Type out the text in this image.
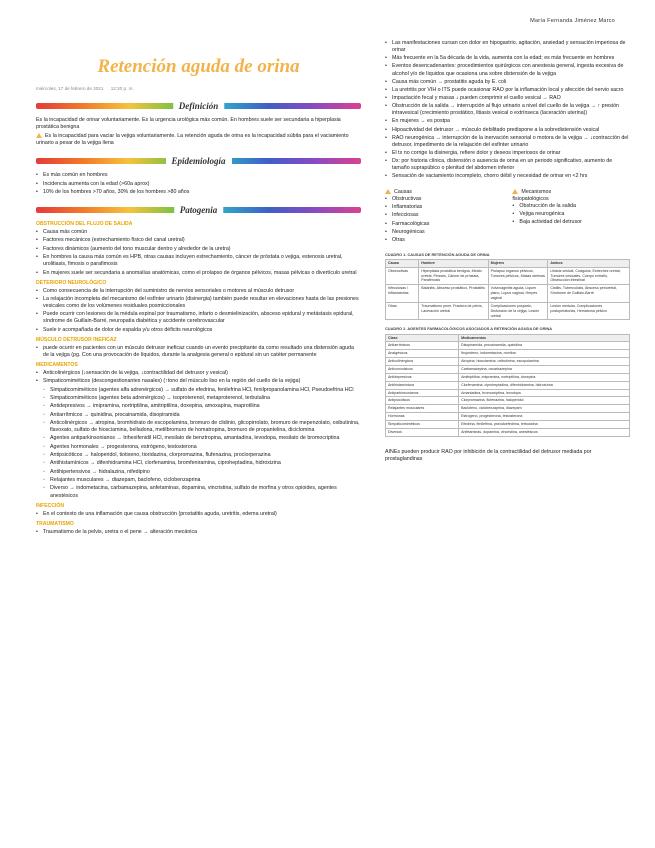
María Fernanda Jiménez Marco
Retención aguda de orina
miércoles, 17 de febrero de 2021 12:20 p. m.
Definición

Es la incapacidad de orinar voluntariamente. Es la urgencia urológica más común. En hombres suele ser secundaria a hiperplasia prostática benigna

Es la incapacidad para vaciar la vejiga voluntariamente. La retención aguda de orina es la incapacidad súbita para el vaciamiento urinario a pesar de la vejiga llena

Epidemiología
• Es más común en hombres
• Incidencia aumenta con la edad (>60a aprox)
• 10% de los hombres >70 años, 30% de los hombres >80 años
Patogenia
OBSTRUCCIÓN DEL FLUJO DE SALIDA
• Causa más común
• Factores mecánicos (estrechamiento físico del canal uretral)
• Factores dinámicos (aumento del tono muscular dentro y alrededor de la uretra)
• En hombres la causa más común es HPB, otras causas incluyen estrechamiento, cáncer de próstata o vejiga, estenosis uretral, urolitiasis, fimosis o parafimosis
• En mujeres suele ser secundaria a anomalías anatómicas, como el prolapso de órganos pélvicos, masas pélvicas o divertículo uretral
DETERIORO NEUROLÓGICO
• Como consecuencia de la interrupción del suministro de nervios sensoriales o motores al músculo detrusor
• La relajación incompleta del mecanismo del esfínter urinario (disinergia) también puede resultar en elevaciones hasta de las presiones vesicales como de los volúmenes residuales posmiccionales
• Puede ocurrir con lesiones de la médula espinal por traumatismo, infarto o desmielinización, absceso epidural y metástasis epidural, síndrome de Guillain-Barré, neuropatía diabética y accidente cerebrovascular
• Suele ir acompañada de dolor de espalda y/u otros déficits neurológicos
MÚSCULO DETRUSOR INEFICAZ
• puede ocurrir en pacientes con un músculo detrusor ineficaz cuando un evento precipitante da como resultado una distensión aguda de la vejiga (pg. Con una provocación de líquidos, durante la analgesia general o epidural sin un catéter permanente
MEDICAMENTOS
• Anticolinérgicos (↓sensación de la vejiga, ↓contractilidad del detrusor y vesical)
• Simpaticomiméticos (descongestionantes nasales) (↑tono del músculo liso en la región del cuello de la vejiga)
◦ Simpaticomiméticos (agentes alfa adrenérgicos) → sulfato de efedrina, fenilefrina HCl, fenilpropanolamina HCl, Pseudoefrina HCl
◦ Simpaticomiméticos (agentes beta adrenérgicos) → isoproterenol, metaproterenol, terbutalina
◦ Antidepresivos → imipramina, nortriptilina, amitriptilina, doxepina, amoxapina, maprotilina
◦ Antiarrítmicos → quinidina, procainamida, disopiramida
◦ Anticolinérgicos → atropina, bromhidrato de escopolamina, bromuro de clidinio, glicopirrolato, bromuro de mepenzolato, oxibutinina, flavoxato, sulfato de hiosciamina, belladona, metilbromuro de homatropina, bromuro de propantelina, diciclomina
◦ Agentes antiparkinsonianos → trihexifenidil HCl, mesilato de benztropina, amantadina, levodopa, mesilato de bromocriptina
◦ Agentes hormonales → progesterona, estrógeno, testosterona
◦ Antipsicóticos → haloperidol, tiotixeno, tioridazina, clorpromazina, flufenazina, proclorperazina
◦ Antihistamínicos → difenhidramina HCl, clorfenamina, bromfeniramina, ciproheptadina, hidroxizina
◦ Antihipertensivos → hidralazina, nifedipino
◦ Relajantes musculares → diazepam, baclofeno, ciclobenzaprina
◦ Diverso → indometacina, carbamazepina, anfetaminas, dopamina, vincristina, sulfato de morfina y otros opioides, agentes anestésicos
INFECCIÓN
• En el contexto de una inflamación que causa obstrucción (prostatitis aguda, uretritis, edema uretral)
TRAUMATISMO
• Traumatismo de la pelvis, uretra o el pene → alteración mecánica
• Las manifestaciones cursan con dolor en hipogastrio, agitación, ansiedad y sensación imperiosa de orinar
• Más frecuente en la 5a década de la vida, aumenta con la edad; es más frecuente en hombres
• Eventos desencadenantes: procedimientos quirúrgicos con anestesia general, ingesta excesiva de alcohol y/o de líquidos que ocasiona una sobre distensión de la vejiga
• Causa más común → prostatitis aguda by E. coli
• La uretritis por VIH o ITS puede ocasionar RAO por la inflamación local y afección del nervio sacro
• Impactación fecal y masas ↓ pueden comprimir el cuello vesical → RAO
• Obstrucción de la salida → interrupción al flujo urinario a nivel del cuello de la vejiga → ↑ presión intravesical (crecimiento prostático, litiasis vesical o extrínseca (laceración uterina))
• En mujeres → es postpa
• Hipoactividad del detrusor → músculo debilitado predispone a la sobredistensión vesical
• RAO neurogénica → interrupción de la inervación sensorial o motora de la vejiga → ↓contracción del detrusor, impedimento de la relajación del esfínter urinario
• El tx no corrige la disinergia, refiere dolor y deseos imperiosos de orinar
• Dx: por historia clínica, distensión o ausencia de orina en un periodo significativo, aumento de tamaño suprapúbico o plenitud del abdomen inferior
• Sensación de vaciamiento incompleto, chorro débil y necesidad de orinar en <2 hrs
Causas
• Obstructivas
• Inflamatorias
• Infecciosas
• Farmacológicas
• Neurogénicas
• Otras
Mecanismos fisiopatológicos
• Obstrucción de la salida
• Vejiga neurogénica
• Baja actividad del detrusor
CUADRO 1. CAUSAS DE RETENCIÓN AGUDA DE ORINA
Causa	Hombre	Mujeres	Ambos
Obstructivas	Hiperplasia prostática benigna, Meato uretral, Fimosis, Cáncer de próstata, Parafimosis	Prolapso órganos pélvicos, Tumores pélvicos, Masas uterinas	Litiasis vesical, Coágulos, Estrechez uretral, Tumores vesicales, Cuerpo extraño, Obstrucción intestinal
Infecciosas / Inflamatorias	Balanitis, Absceso prostático, Prostatitis	Vulvovaginitis aguda, Liquen plano, Lupus vaginal, Herpes vaginal	Cistitis, Tuberculosis, Absceso periuretral, Síndrome de Guillain-Barré
Otras	Traumatismo pene, Fractura de pelvis, Laceración uretral	Complicaciones posparto, Disfunción de la vejiga, Lesión uretral	Lesión medular, Complicaciones postoperatorias, Hematoma pélvico
CUADRO 2. AGENTES FARMACOLÓGICOS ASOCIADOS A RETENCIÓN AGUDA DE ORINA
Clase	Medicamentos
Antiarrítmicos	Disopiramida, procainamida, quinidina
Analgésicos	Ibuprofeno, indometacina, morfina
Anticolinérgicos	Atropina, hiosciamina, oxibutinina, escopolamina
Anticonvulsivos	Carbamazepina, oxcarbazepina
Antidepresivos	Amitriptilina, imipramina, nortriptilina, doxepina
Antihistamínicos	Clorfenamina, ciproheptadina, difenhidramina, hidroxizina
Antiparkinsonianos	Amantadina, bromocriptina, levodopa
Antipsicóticos	Clorpromazina, flufenazina, haloperidol
Relajantes musculares	Baclofeno, ciclobenzaprina, diazepam
Hormonas	Estrógeno, progesterona, testosterona
Simpaticomiméticos	Efedrina, fenilefrina, pseudoefedrina, terbutalina
Diversos	Anfetaminas, dopamina, vincristina, anestésicos
AINEs pueden producir RAO por inhibición de la contractilidad del detrusor mediada por prostaglandinas
